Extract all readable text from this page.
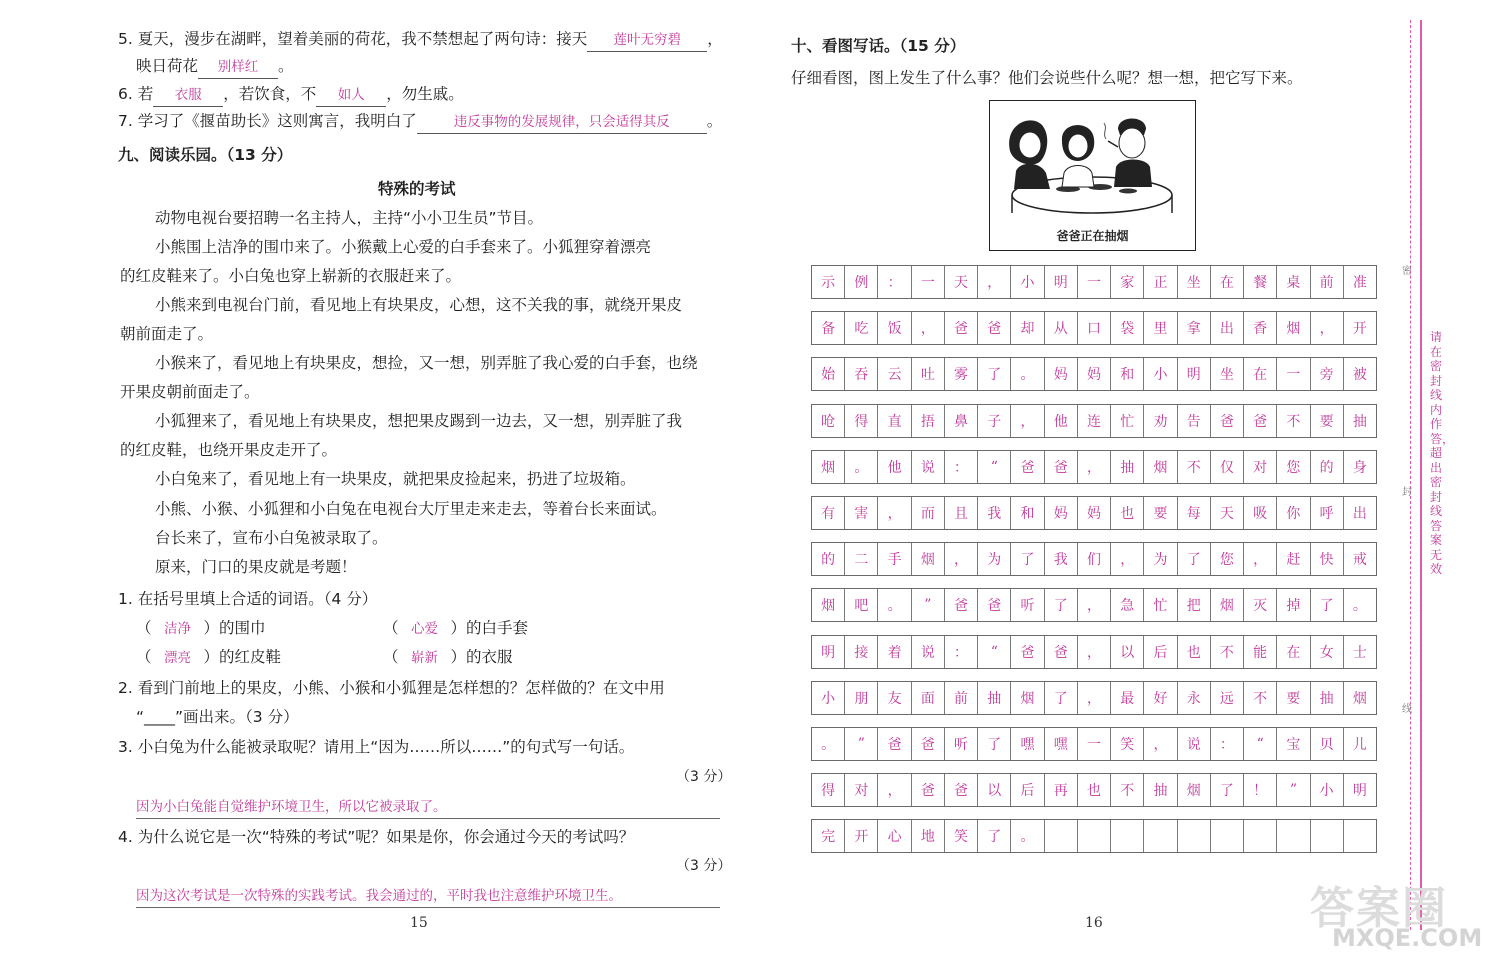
5. 夏天，漫步在湖畔，望着美丽的荷花，我不禁想起了两句诗：接天 莲叶无穷碧 ，
映日荷花 别样红 。
6. 若 衣服 ，若饮食，不 如人 ，勿生戚。
7. 学习了《揠苗助长》这则寓言，我明白了	违反事物的发展规律，只会适得其反 。
九、阅读乐园。（13 分）
特殊的考试
动物电视台要招聘一名主持人，主持“小小卫生员”节目。
小熊围上洁净的围巾来了。小猴戴上心爱的白手套来了。小狐狸穿着漂亮
的红皮鞋来了。小白兔也穿上崭新的衣服赶来了。
小熊来到电视台门前，看见地上有块果皮，心想，这不关我的事，就绕开果皮
朝前面走了。
小猴来了，看见地上有块果皮，想捡，又一想，别弄脏了我心爱的白手套，也绕
开果皮朝前面走了。
小狐狸来了，看见地上有块果皮，想把果皮踢到一边去，又一想，别弄脏了我
的红皮鞋，也绕开果皮走开了。
小白兔来了，看见地上有一块果皮，就把果皮捡起来，扔进了垃圾箱。
小熊、小猴、小狐狸和小白兔在电视台大厅里走来走去，等着台长来面试。
台长来了，宣布小白兔被录取了。
原来，门口的果皮就是考题！
1. 在括号里填上合适的词语。（4 分）
（ 洁净 ）的围巾	（ 心爱 ）的白手套
（ 漂亮 ）的红皮鞋	（ 崭新 ）的衣服
2. 看到门前地上的果皮，小熊、小猴和小狐狸是怎样想的？怎样做的？在文中用
“____”画出来。（3 分）
3. 小白兔为什么能被录取呢？请用上“因为……所以……”的句式写一句话。
（3 分）
因为小白兔能自觉维护环境卫生，所以它被录取了。
4. 为什么说它是一次“特殊的考试”呢？如果是你，你会通过今天的考试吗？
（3 分）
因为这次考试是一次特殊的实践考试。我会通过的，平时我也注意维护环境卫生。
15
十、看图写话。（15 分）
仔细看图，图上发生了什么事？他们会说些什么呢？想一想，把它写下来。
爸爸正在抽烟
示	例	：	一	天	，	小	明	一	家	正	坐	在	餐	桌	前	准
备	吃	饭	，	爸	爸	却	从	口	袋	里	拿	出	香	烟	，	开
始	吞	云	吐	雾	了	。	妈	妈	和	小	明	坐	在	一	旁	被
呛	得	直	捂	鼻	子	，	他	连	忙	劝	告	爸	爸	不	要	抽
烟	。	他	说	：	“	爸	爸	，	抽	烟	不	仅	对	您	的	身
有	害	，	而	且	我	和	妈	妈	也	要	每	天	吸	你	呼	出
的	二	手	烟	，	为	了	我	们	，	为	了	您	，	赶	快	戒
烟	吧	。	”	爸	爸	听	了	，	急	忙	把	烟	灭	掉	了	。
明	接	着	说	：	“	爸	爸	，	以	后	也	不	能	在	女	士
小	朋	友	面	前	抽	烟	了	，	最	好	永	远	不	要	抽	烟
。	”	爸	爸	听	了	嘿	嘿	一	笑	，	说	：	“	宝	贝	儿
得	对	，	爸	爸	以	后	再	也	不	抽	烟	了	！	”	小	明
完	开	心	地	笑	了	。
16
密
封
线
请在密封线内作答，超出密封线答案无效
答案圈
MXQE.COM
